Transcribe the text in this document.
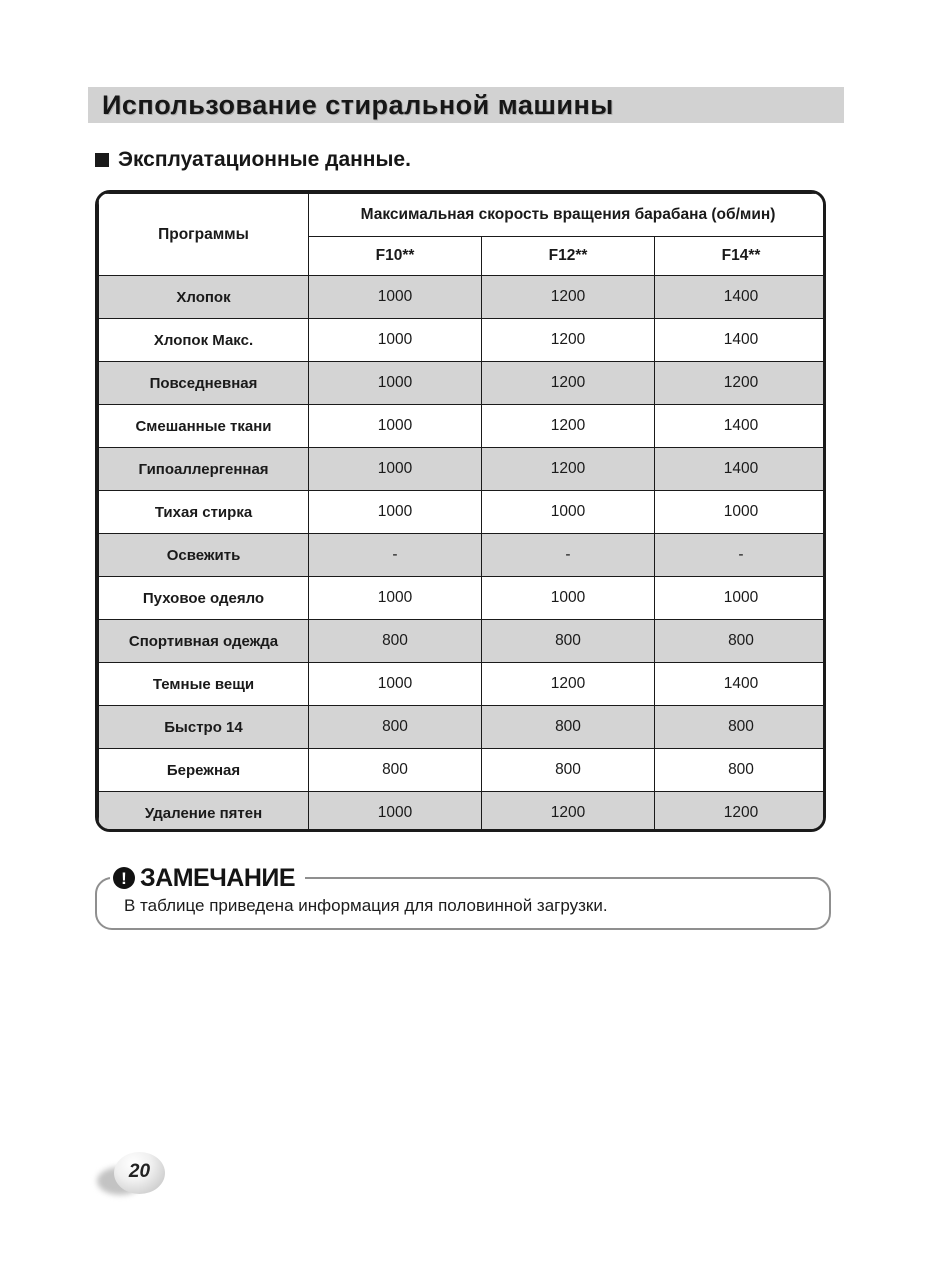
Использование стиральной машины
Эксплуатационные данные.
Программы	Максимальная скорость вращения барабана (об/мин)		
	F10**	F12**	F14**
Хлопок	1000	1200	1400
Хлопок Макс.	1000	1200	1400
Повседневная	1000	1200	1200
Смешанные ткани	1000	1200	1400
Гипоаллергенная	1000	1200	1400
Тихая стирка	1000	1000	1000
Освежить	-	-	-
Пуховое одеяло	1000	1000	1000
Спортивная одежда	800	800	800
Темные вещи	1000	1200	1400
Быстро 14	800	800	800
Бережная	800	800	800
Удаление пятен	1000	1200	1200
! ЗАМЕЧАНИЕ
В таблице приведена информация для половинной загрузки.
20
